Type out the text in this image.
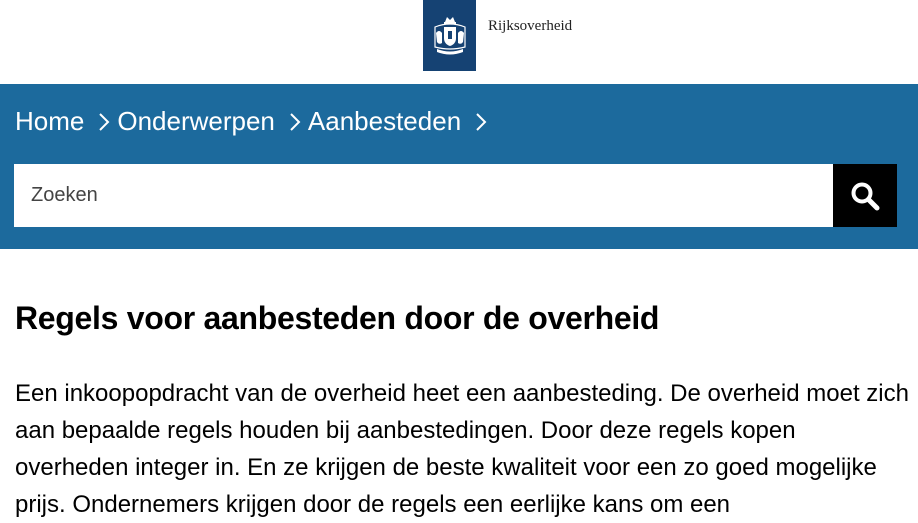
Rijksoverheid
Home Onderwerpen Aanbesteden
Zoeken
Regels voor aanbesteden door de overheid

Een inkoopopdracht van de overheid heet een aanbesteding. De overheid moet zich aan bepaalde regels houden bij aanbestedingen. Door deze regels kopen overheden integer in. En ze krijgen de beste kwaliteit voor een zo goed mogelijke prijs. Ondernemers krijgen door de regels een eerlijke kans om een
